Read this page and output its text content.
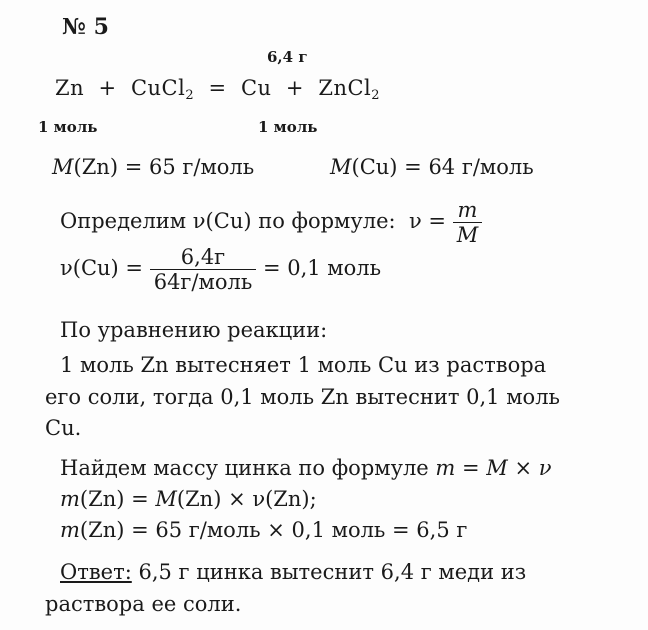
№ 5
6,4 г
Zn + CuCl$_2$ = Cu + ZnCl$_2$
1 моль	1 моль
M(Zn) = 65 г/моль	M(Cu) = 64 г/моль
Определим ν(Cu) по формуле: $\nu = \frac{m}{M}$
$\nu(Cu) = \frac{6,4г}{\text{64г/моль}} = 0,1$ моль
По уравнению реакции:
1 моль Zn вытесняет 1 моль Cu из раствора
его соли, тогда 0,1 моль Zn вытеснит 0,1 моль
Cu.
Найдем массу цинка по формуле m = M × ν
m(Zn) = M(Zn) × ν(Zn);
m(Zn) = 65 г/моль × 0,1 моль = 6,5 г
Ответ: 6,5 г цинка вытеснит 6,4 г меди из
раствора ее соли.
